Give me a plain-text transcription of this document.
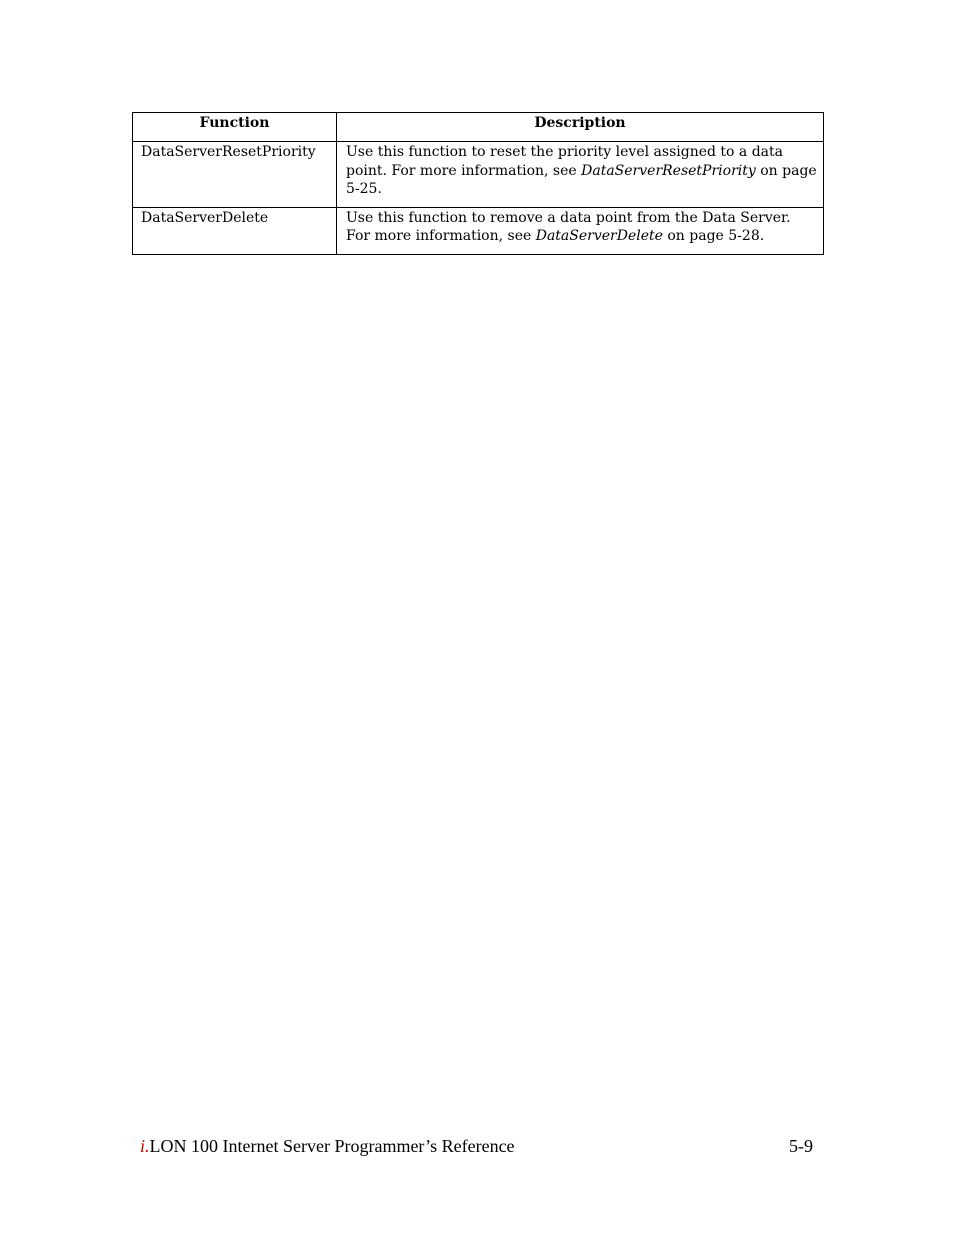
Function	Description
DataServerResetPriority	Use this function to reset the priority level assigned to a data point. For more information, see DataServerResetPriority on page 5-25.
DataServerDelete	Use this function to remove a data point from the Data Server. For more information, see DataServerDelete on page 5-28.
i.LON 100 Internet Server Programmer’s Reference	5-9
